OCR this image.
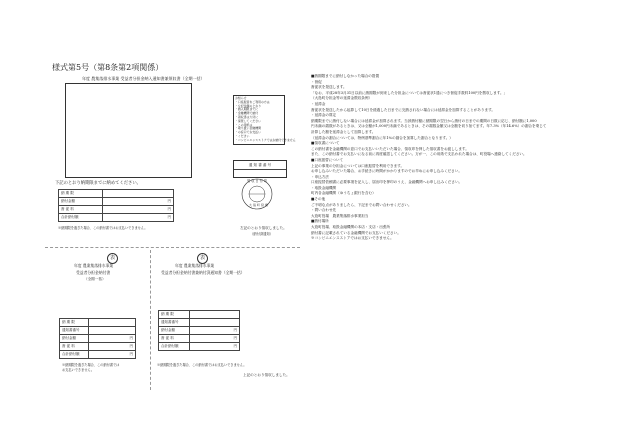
様式第5号（第8条第2項関係）
年度 農集落排水事業 受益者分担金納入通知書兼領収書（全期一括）
お知らせ
・口座振替をご利用の方は
・左記金額のとおり
・納入期限までに
・金融機関で納付
・領収書は大切に
・保管してください
・この用紙は
・取り扱い金融機関
・の窓口でお支払い
・ください
・コンビニエンスストアではお納付できません
通 知 書 番 号
下記のとおり納期限までに納めてください。
納 期 限	
納付金額	円
督 促 料	円
合計納付額	円
※納期限を過ぎた場合、この納付書ではお支払いできません。
領 収 日 付 印
大 島 町 役 場
左記のとおり領収しました。
（納付済通知）
表	表
年度 農業集落排水事業
受益者分担金納付書
（全期一括）
納 期 限	
通知書番号	
納付金額	円
督 促 料	円
合計納付額	円
※納期限を過ぎた場合、この納付書では
お支払いできません。
年度 農業集落排水事業
受益者分担金納付書兼納付済通知書（全期一括）
納 期 限	
通知書番号	
納付金額	円
督 促 料	円
合計納付額	円
※納期限を過ぎた場合、この納付書ではお支払いできません。
上記のとおり領収しました。
■納期限までに納付しなかった場合の措置
・督促
督促状を発送します。
「なお、平成28年3月31日以前に納期限が到来した分担金については督促状1通につき督促手数料100円を徴収します。」
（大島町分担金等の延滞金徴収条例）
・延滞金
督促状を発送したから起算して10日を経過した日までに完納されない場合には延滞金を加算することがあります。
・延滞金の算定
納期限までに納付しない場合には延滞金が加算されます。当該納付額に納期限の翌日から納付の日までの期間の日数に応じ、納付額に1,000
円未満の端数があるときは、又は全額が1,000円未満であるときは、その端数金額又は全額を切り捨てます。年7.3%（年14.6%）の割合を乗じて
計算した額を延滞金として加算します。
（延滞金の割合については、特例基準割合に年1%の割合を加算した割合となります。）
■領収書について
この納付書を金融機関の窓口でお支払いいただいた場合、領収印を押した領収書をお渡しします。
また、この納付書でお支払いになる前に再度確認してください。万が一、この用紙で支払われた場合は、町役場へ連絡してください。
■口座振替について
上記の事業の分担金については口座振替を利用できます。
お申し込みいただいた場合、お手続きに時間がかかりますのでお早めにお申し込みください。
・申込方法
口座振替依頼書に必要事項を記入し、届出印を押印のうえ、金融機関へお申し込みください。
・取扱金融機関
町内各金融機関（ゆうちょ銀行を含む）
■その他
ご不明な点がありましたら、下記までお問い合わせください。
・問い合わせ先
大島町役場　農業集落排水事業担当
■納付場所
大島町役場、取扱金融機関の本店・支店・出張所
納付書に記載されている金融機関でお支払いください。
※コンビニエンスストアではお支払いできません。
